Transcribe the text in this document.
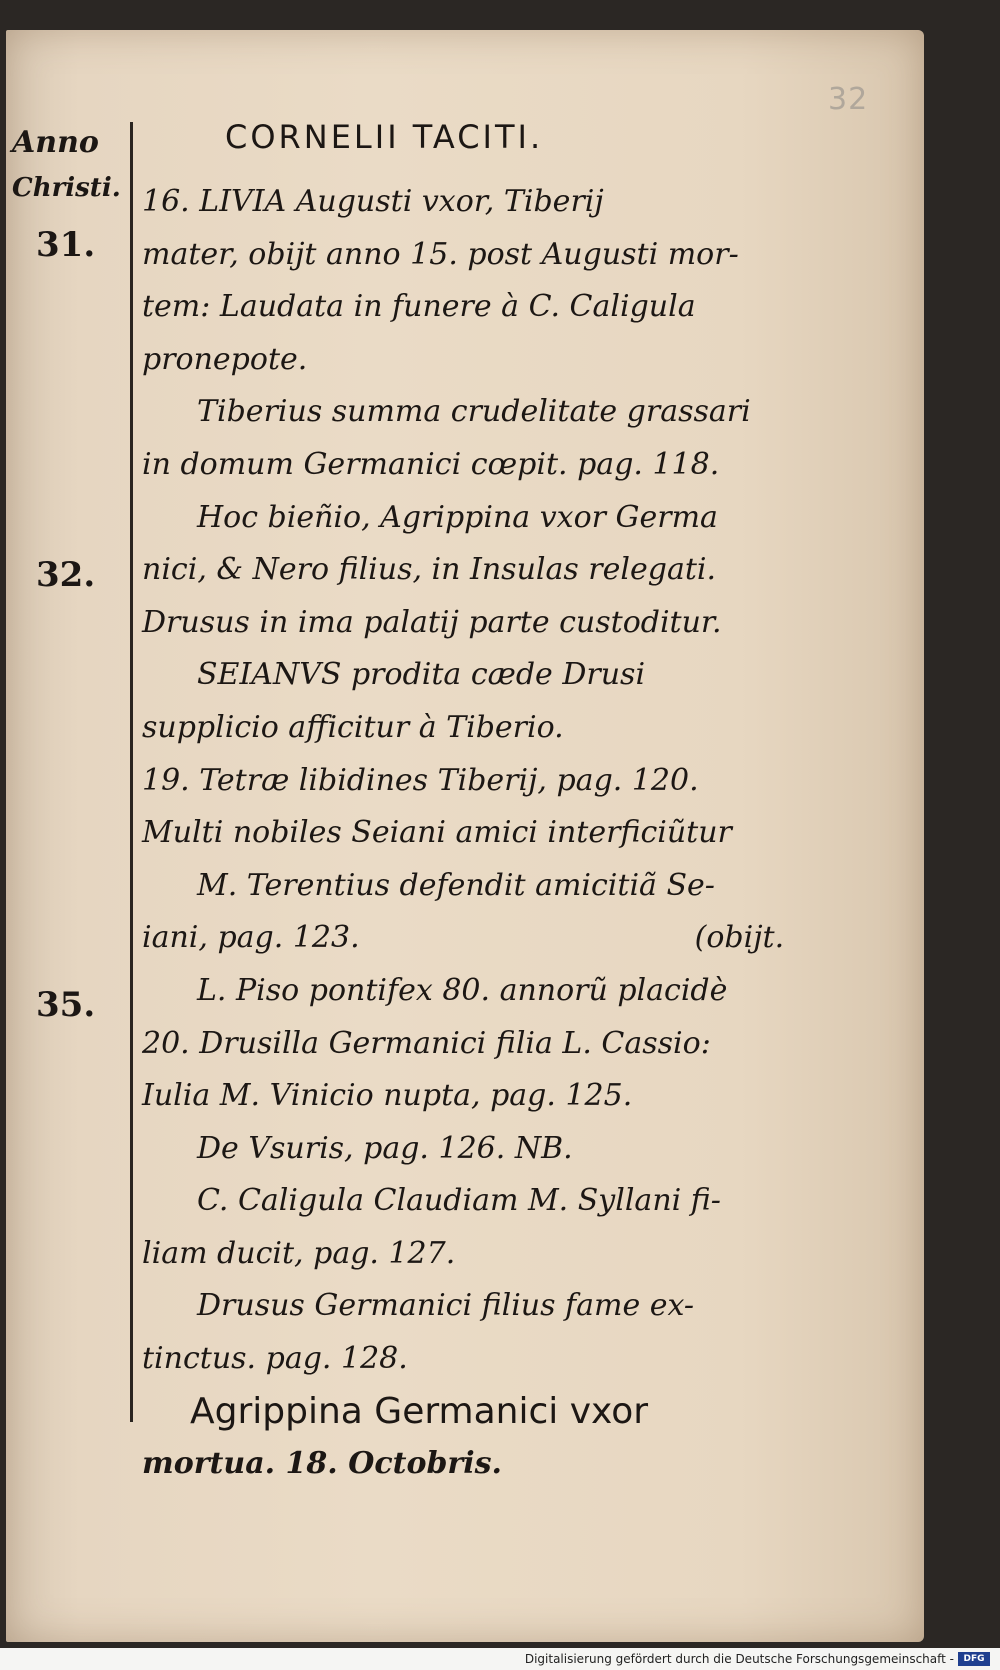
32
Anno
Christi.
31.
32.
35.
CORNELII TACITI.
16. LIVIA Augusti vxor, Tiberij
mater, obijt anno 15. post Augusti mor-
tem: Laudata in funere à C. Caligula
pronepote.
Tiberius summa crudelitate grassari
in domum Germanici cœpit. pag. 118.
Hoc bieñio, Agrippina vxor Germa
nici, & Nero filius, in Insulas relegati.
Drusus in ima palatij parte custoditur.
SEIANVS prodita cæde Drusi
supplicio afficitur à Tiberio.
19. Tetræ libidines Tiberij, pag. 120.
Multi nobiles Seiani amici interficiũtur
M. Terentius defendit amicitiã Se-
iani, pag. 123.	(obijt.
L. Piso pontifex 80. annorũ placidè
20. Drusilla Germanici filia L. Cassio:
Iulia M. Vinicio nupta, pag. 125.
De Vsuris, pag. 126. NB.
C. Caligula Claudiam M. Syllani fi-
liam ducit, pag. 127.
Drusus Germanici filius fame ex-
tinctus. pag. 128.
Agrippina Germanici vxor
mortua. 18. Octobris.
Digitalisierung gefördert durch die Deutsche Forschungsgemeinschaft -	DFG
